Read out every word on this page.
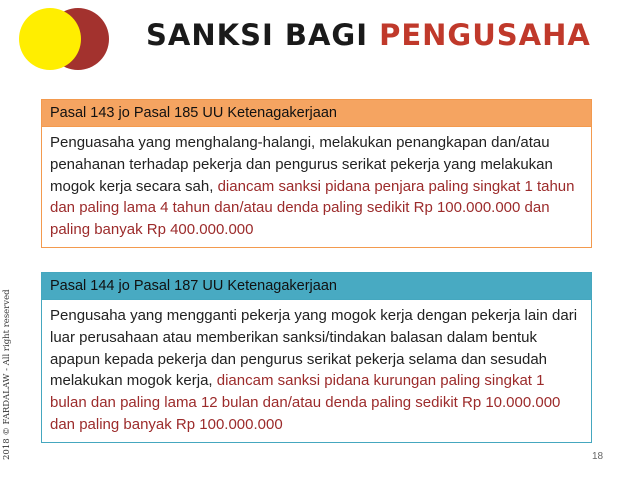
SANKSI BAGI PENGUSAHA
2018 © FARDALAW - All right reserved
Pasal 143 jo Pasal 185 UU Ketenagakerjaan
Penguasaha yang menghalang-halangi, melakukan penangkapan dan/atau penahanan terhadap pekerja dan pengurus serikat pekerja yang melakukan mogok kerja secara sah, diancam sanksi pidana penjara paling singkat 1 tahun dan paling lama 4 tahun dan/atau denda paling sedikit Rp 100.000.000 dan paling banyak Rp 400.000.000
Pasal 144 jo Pasal 187 UU Ketenagakerjaan
Pengusaha yang mengganti pekerja yang mogok kerja dengan pekerja lain dari luar perusahaan atau memberikan sanksi/tindakan balasan dalam bentuk apapun kepada pekerja dan pengurus serikat pekerja selama dan sesudah melakukan mogok kerja, diancam sanksi pidana kurungan paling singkat 1 bulan dan paling lama 12 bulan dan/atau denda paling sedikit Rp 10.000.000 dan paling banyak Rp 100.000.000
18
